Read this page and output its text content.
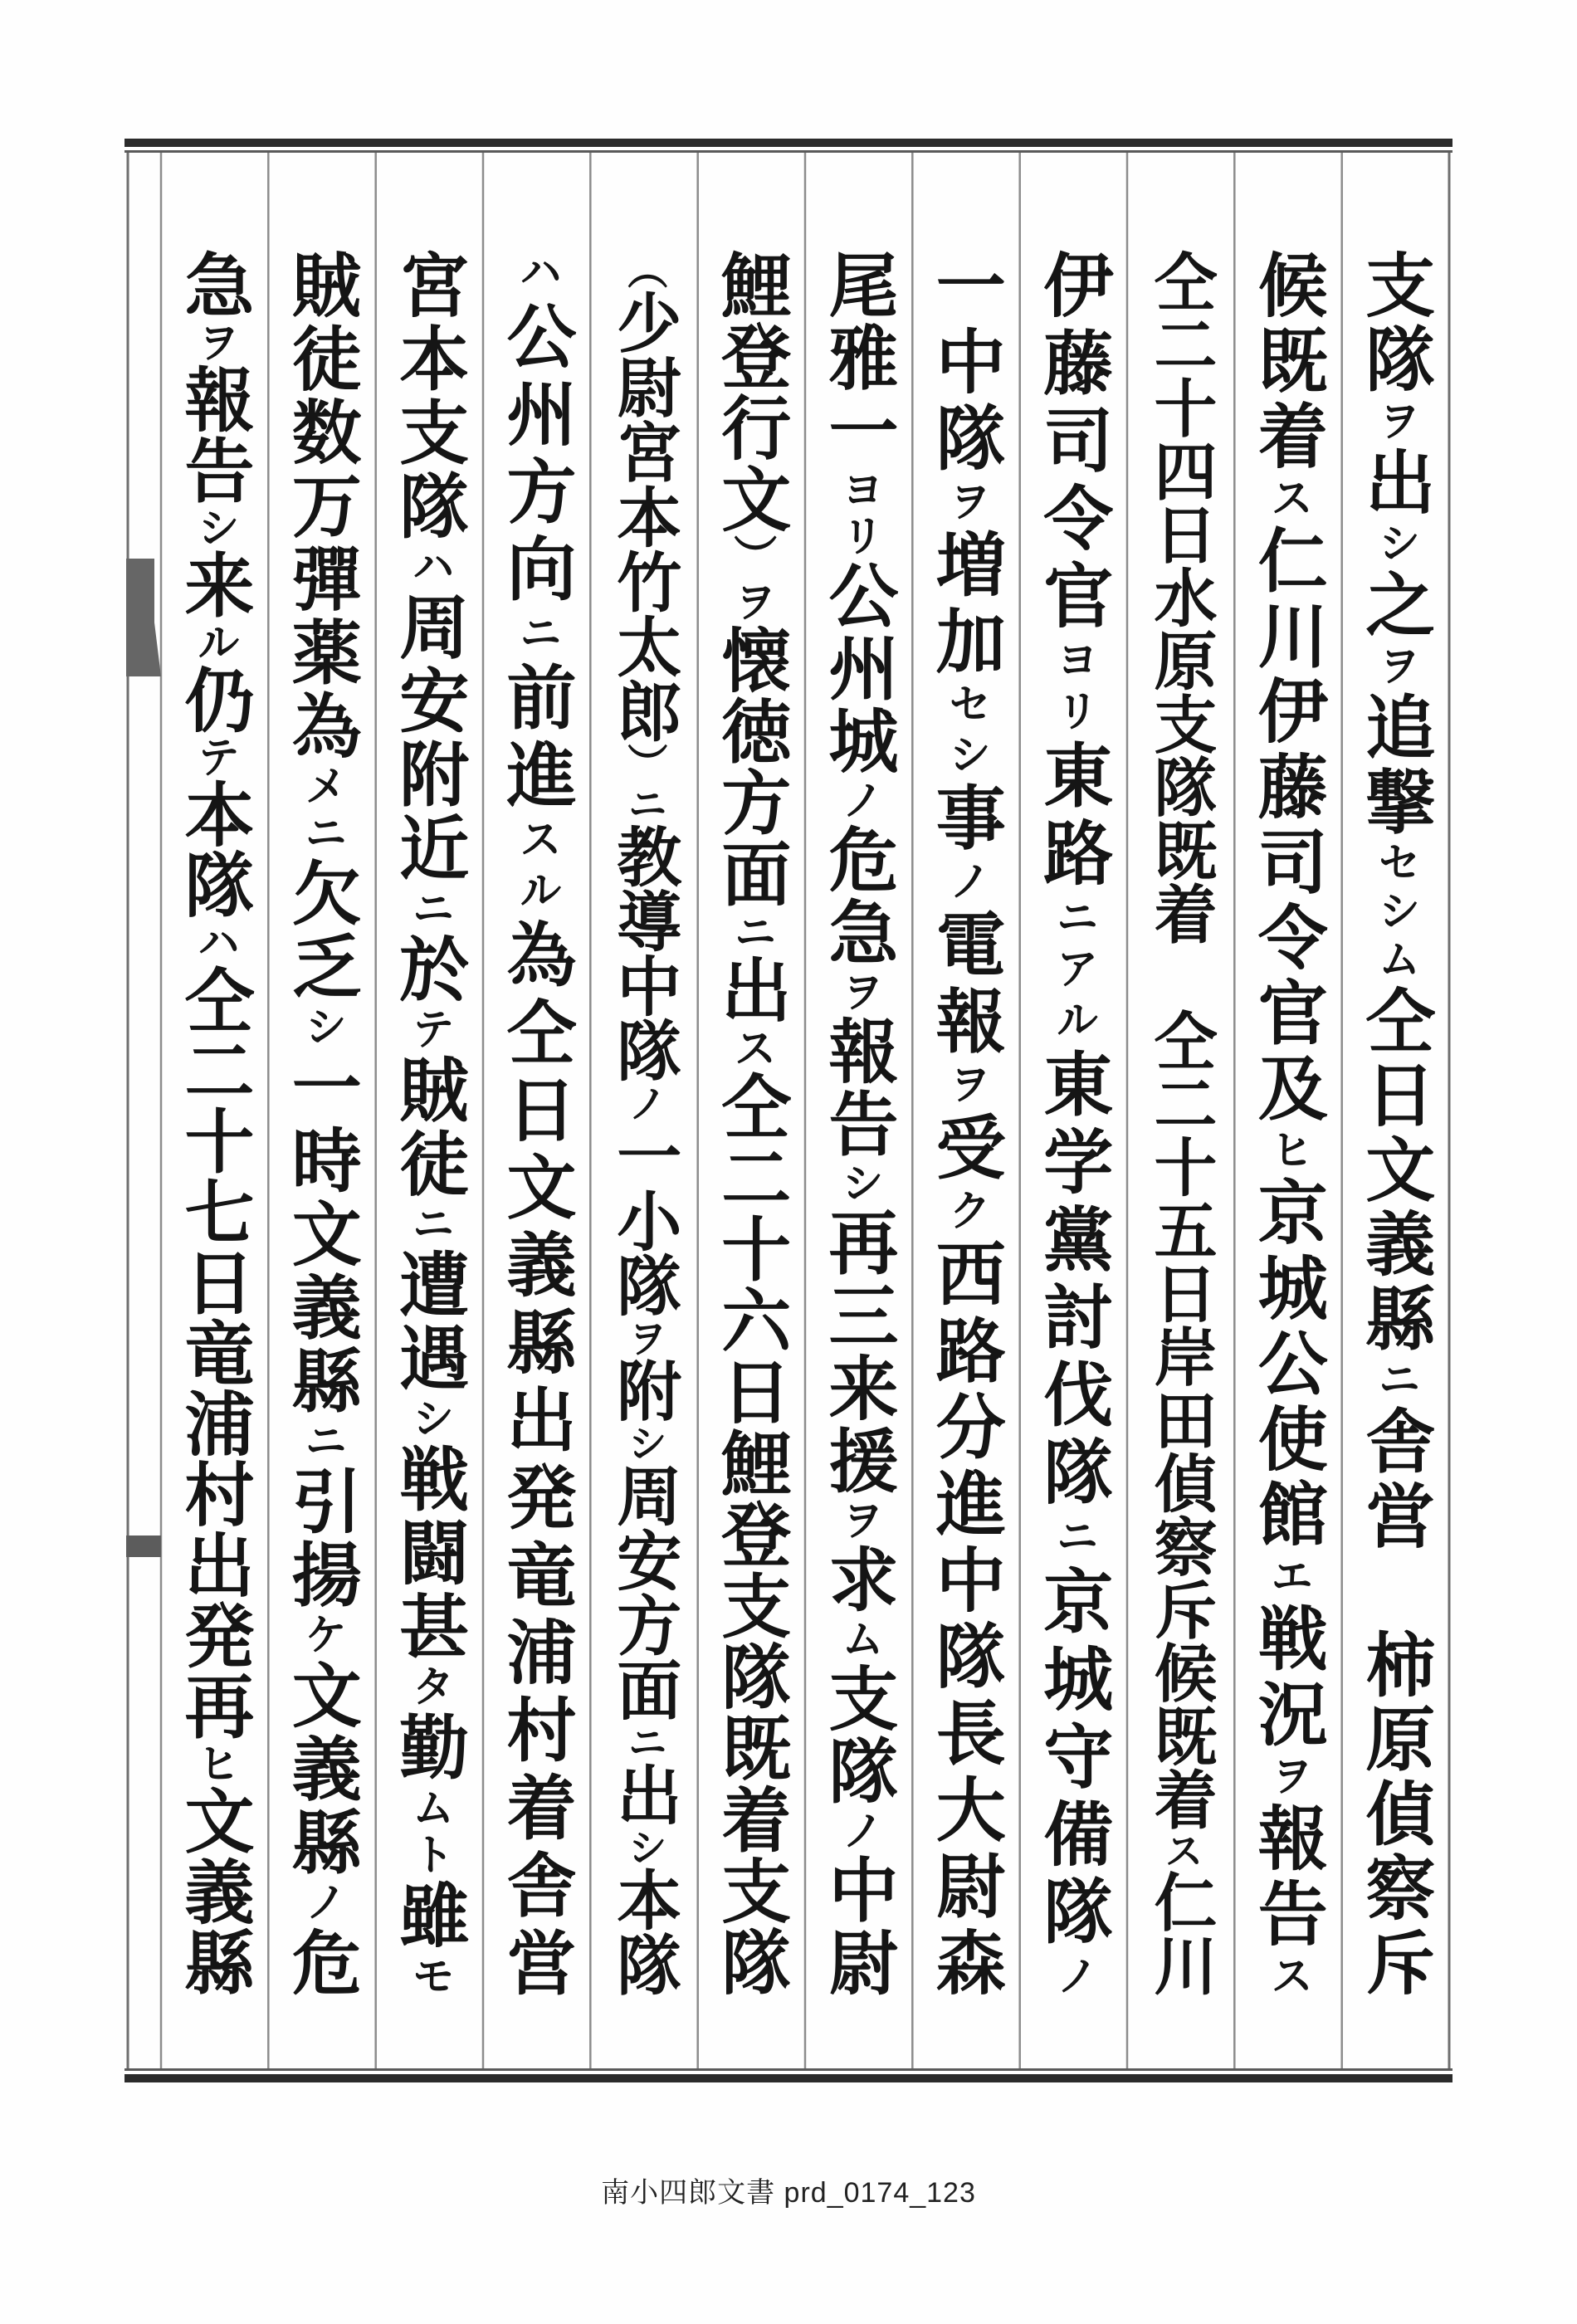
支隊ヲ出シ之ヲ追撃セシム仝日文義縣ニ舎営　柿原偵察斥
候既着ス仁川伊藤司令官及ヒ京城公使館エ戦況ヲ報告ス
仝二十四日水原支隊既着　仝二十五日岸田偵察斥候既着ス仁川
伊藤司令官ヨリ東路ニアル東学黨討伐隊ニ京城守備隊ノ
一中隊ヲ増加セシ事ノ電報ヲ受ク西路分進中隊長大尉森
尾雅一ヨリ公州城ノ危急ヲ報告シ再三来援ヲ求ム支隊ノ中尉
鯉登行文）ヲ懐徳方面ニ出ス仝二十六日鯉登支隊既着支隊
（少尉宮本竹太郎）ニ教導中隊ノ一小隊ヲ附シ周安方面ニ出シ本隊
ハ公州方向ニ前進スル為仝日文義縣出発竜浦村着舎営
宮本支隊ハ周安附近ニ於テ賊徒ニ遭遇シ戦闘甚タ勤ムト雖モ
賊徒数万彈薬為メニ欠乏シ一時文義縣ニ引揚ケ文義縣ノ危
急ヲ報告シ来ル仍テ本隊ハ仝二十七日竜浦村出発再ヒ文義縣
南小四郎文書 prd_0174_123
